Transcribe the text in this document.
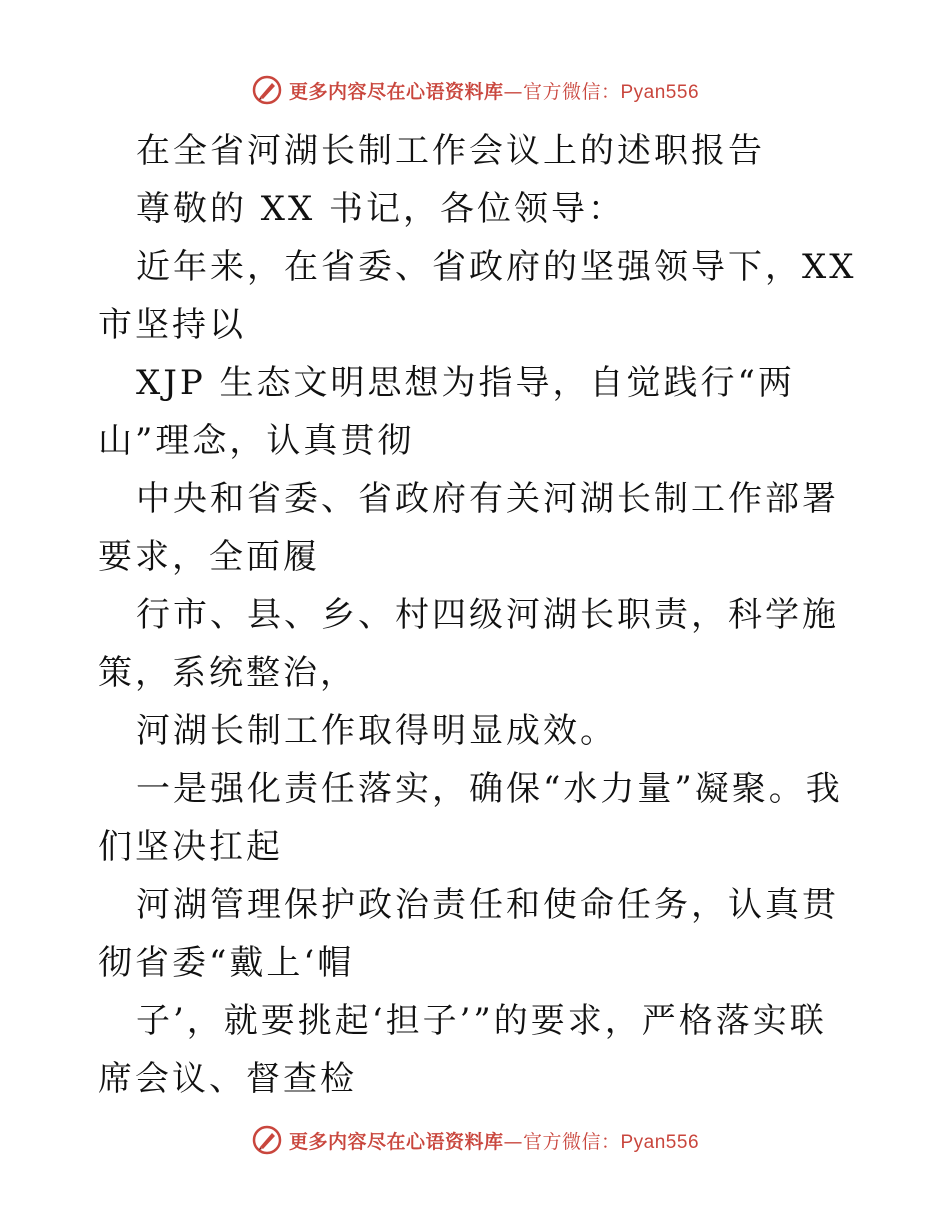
更多内容尽在心语资料库—官方微信：Pyan556

在全省河湖长制工作会议上的述职报告

尊敬的 XX 书记，各位领导：

近年来，在省委、省政府的坚强领导下，XX 市坚持以

XJP 生态文明思想为指导，自觉践行“两山”理念，认真贯彻

中央和省委、省政府有关河湖长制工作部署要求，全面履

行市、县、乡、村四级河湖长职责，科学施策，系统整治，

河湖长制工作取得明显成效。

一是强化责任落实，确保“水力量”凝聚。我们坚决扛起

河湖管理保护政治责任和使命任务，认真贯彻省委“戴上‘帽

子’，就要挑起‘担子’”的要求，严格落实联席会议、督查检

更多内容尽在心语资料库—官方微信：Pyan556
